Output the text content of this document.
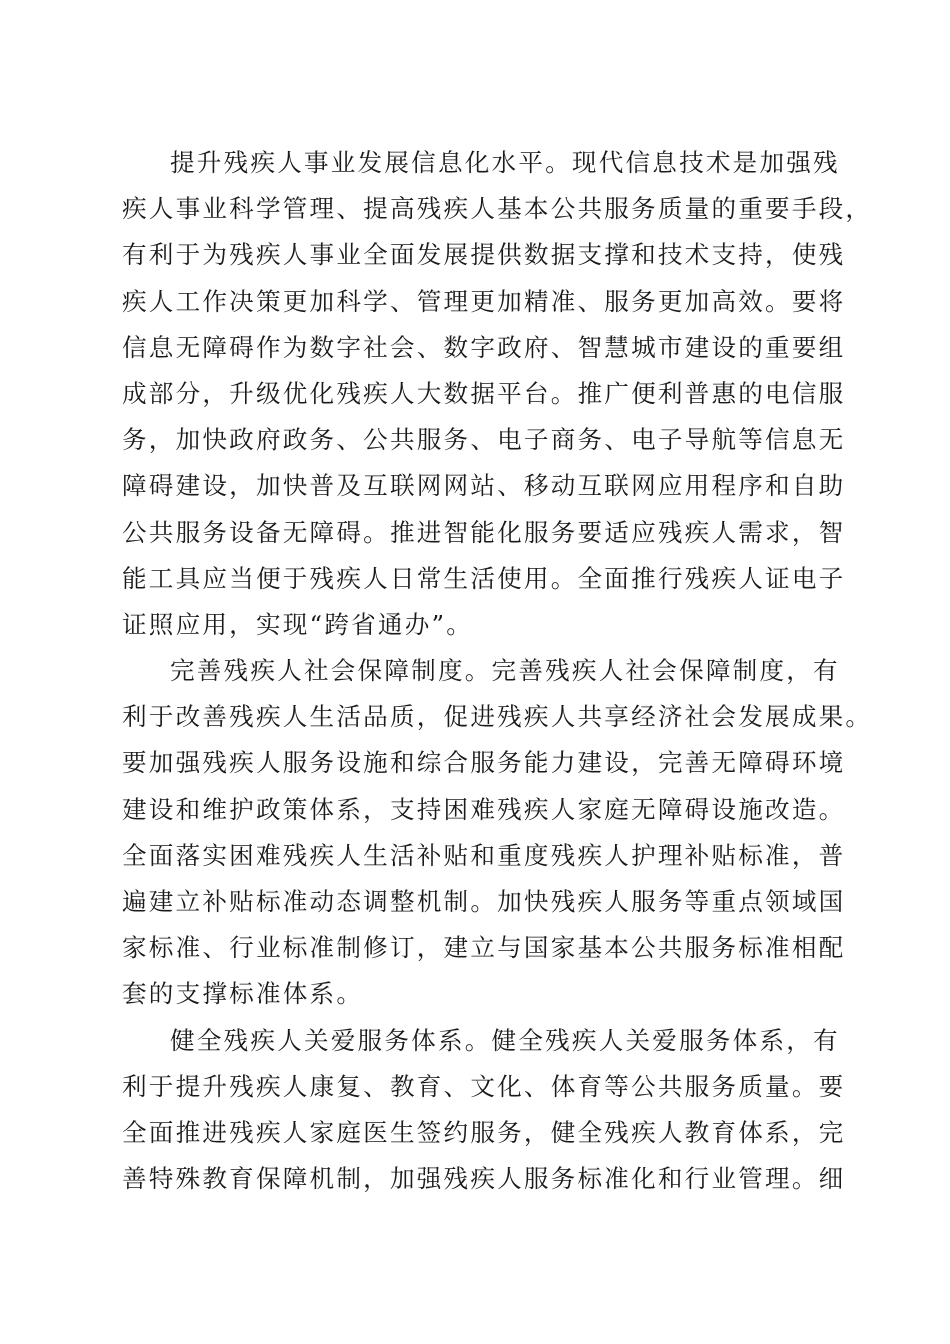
提升残疾人事业发展信息化水平。现代信息技术是加强残
疾人事业科学管理、提高残疾人基本公共服务质量的重要手段，
有利于为残疾人事业全面发展提供数据支撑和技术支持，使残
疾人工作决策更加科学、管理更加精准、服务更加高效。要将
信息无障碍作为数字社会、数字政府、智慧城市建设的重要组
成部分，升级优化残疾人大数据平台。推广便利普惠的电信服
务，加快政府政务、公共服务、电子商务、电子导航等信息无
障碍建设，加快普及互联网网站、移动互联网应用程序和自助
公共服务设备无障碍。推进智能化服务要适应残疾人需求，智
能工具应当便于残疾人日常生活使用。全面推行残疾人证电子
证照应用，实现“跨省通办”。
完善残疾人社会保障制度。完善残疾人社会保障制度，有
利于改善残疾人生活品质，促进残疾人共享经济社会发展成果。
要加强残疾人服务设施和综合服务能力建设，完善无障碍环境
建设和维护政策体系，支持困难残疾人家庭无障碍设施改造。
全面落实困难残疾人生活补贴和重度残疾人护理补贴标准，普
遍建立补贴标准动态调整机制。加快残疾人服务等重点领域国
家标准、行业标准制修订，建立与国家基本公共服务标准相配
套的支撑标准体系。
健全残疾人关爱服务体系。健全残疾人关爱服务体系，有
利于提升残疾人康复、教育、文化、体育等公共服务质量。要
全面推进残疾人家庭医生签约服务，健全残疾人教育体系，完
善特殊教育保障机制，加强残疾人服务标准化和行业管理。细
